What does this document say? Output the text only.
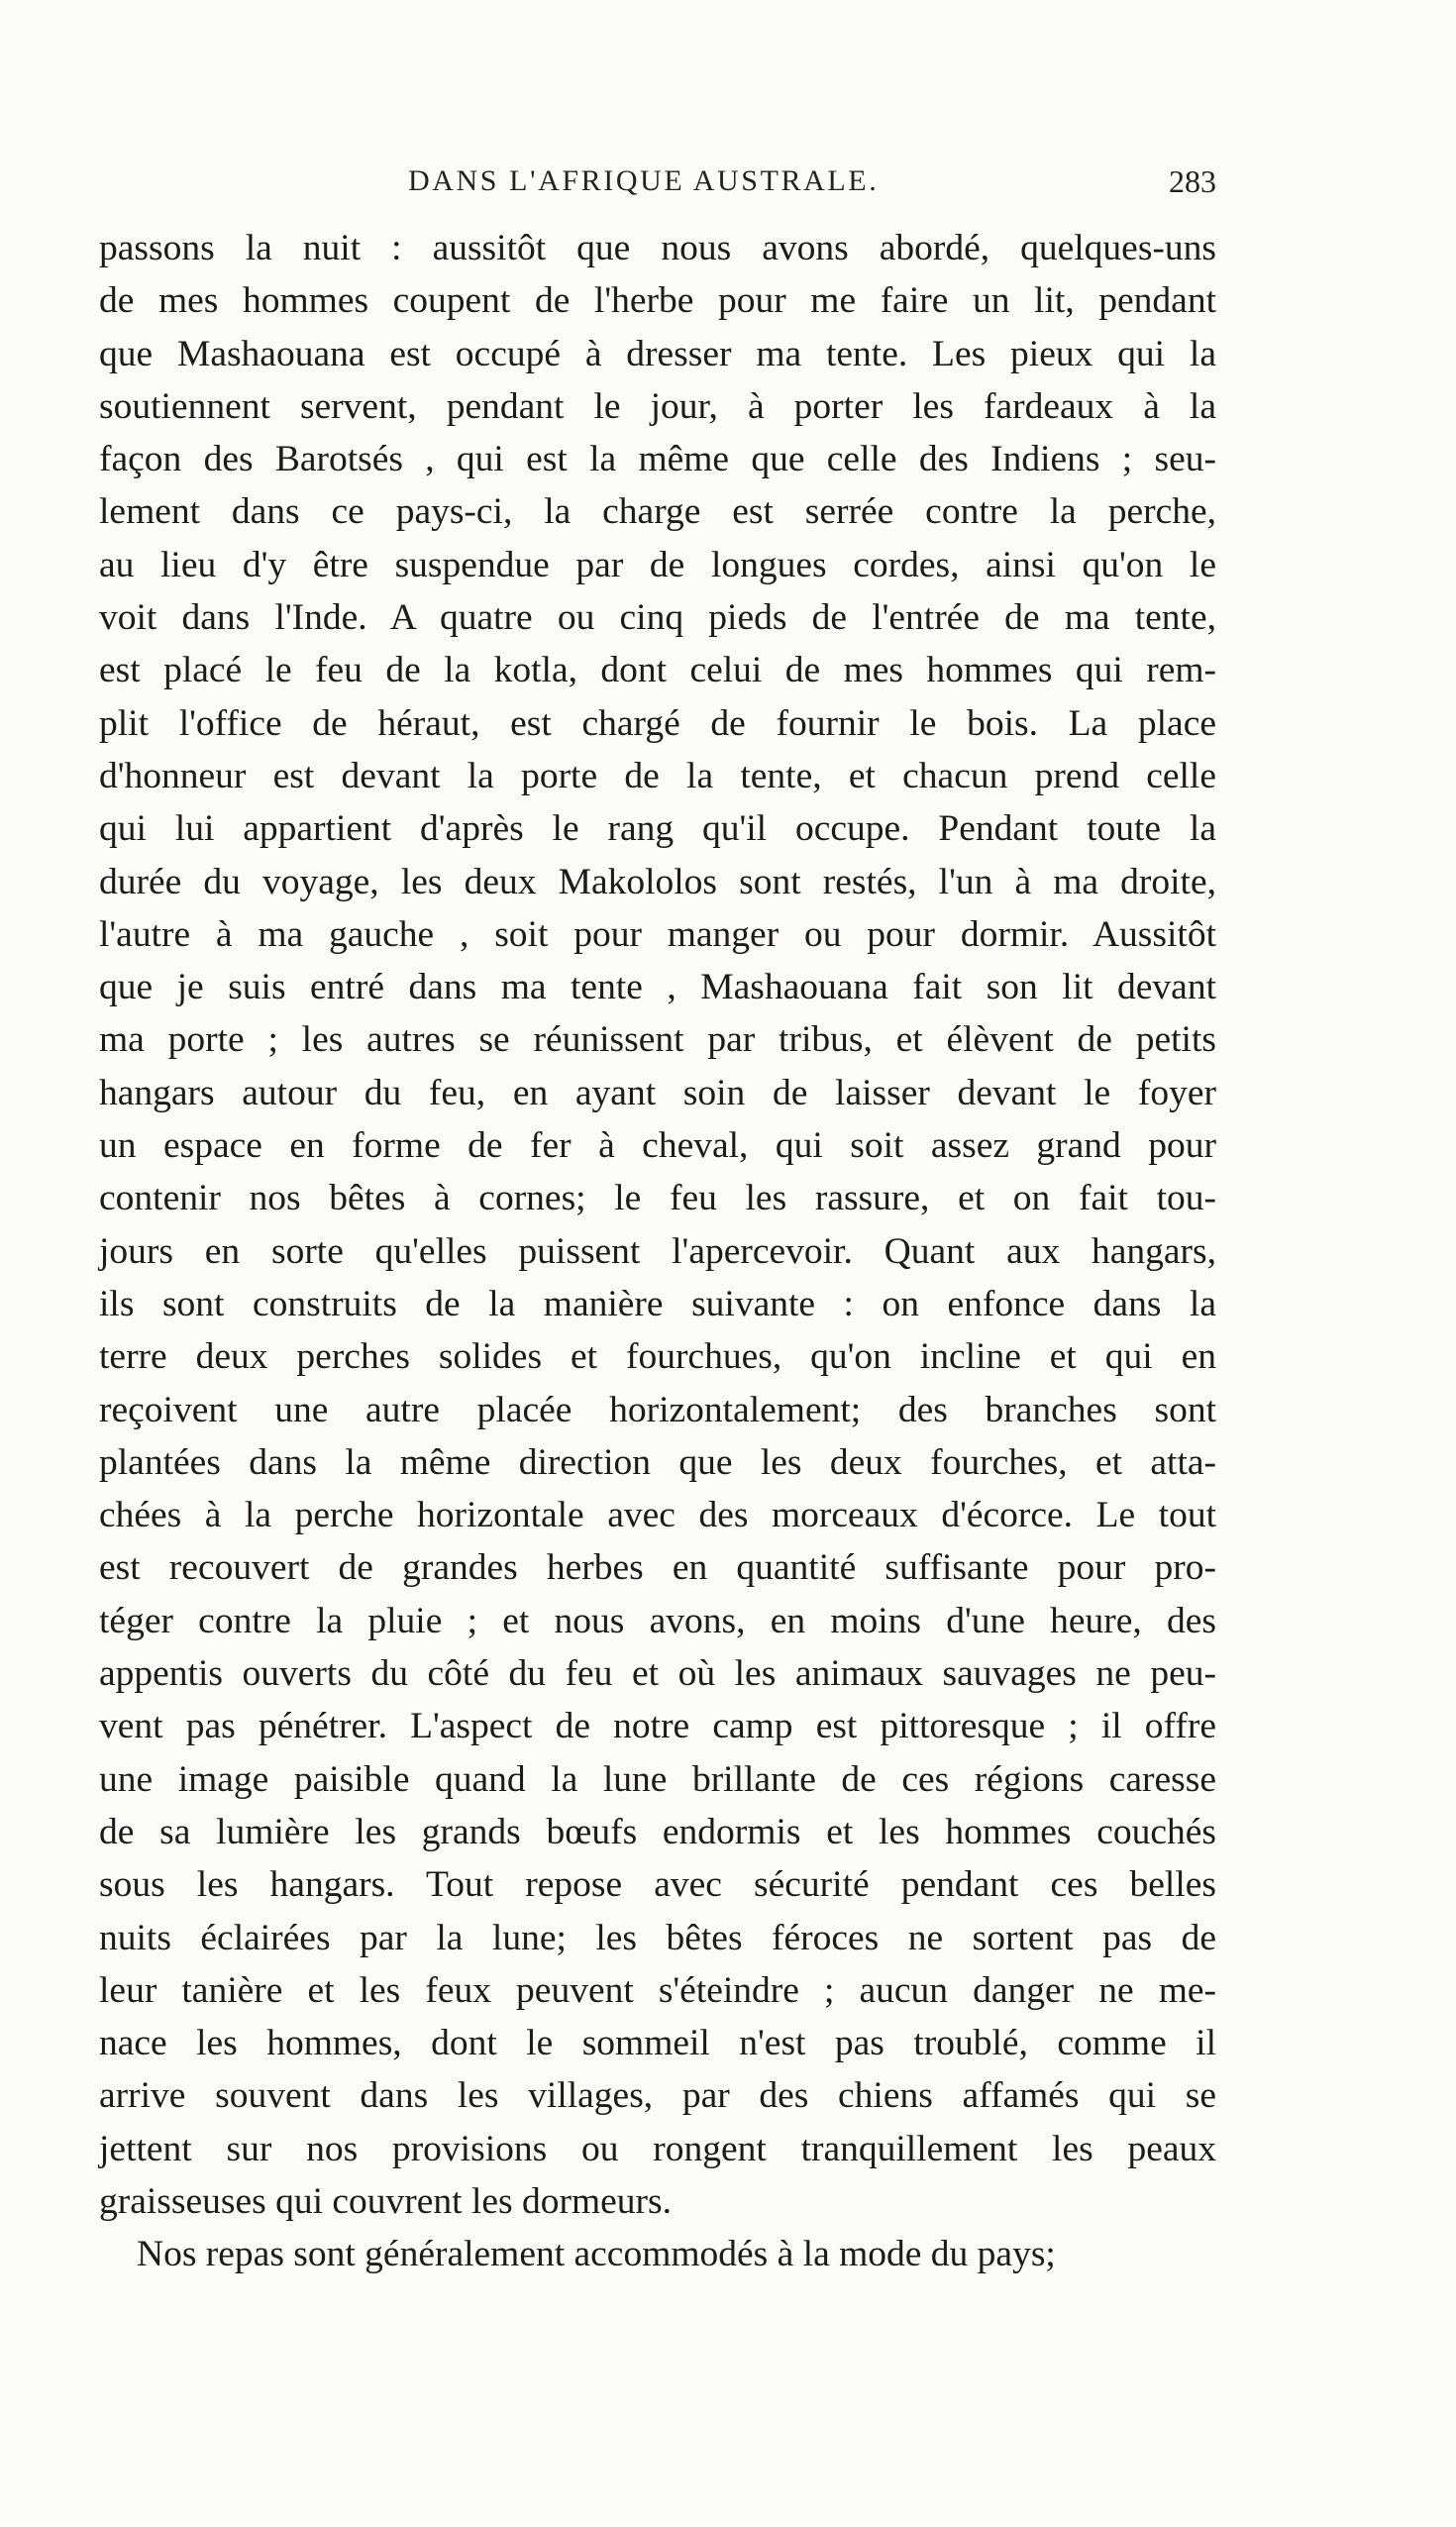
DANS L'AFRIQUE AUSTRALE.	283
passons la nuit : aussitôt que nous avons abordé, quelques-uns
de mes hommes coupent de l'herbe pour me faire un lit, pendant
que Mashaouana est occupé à dresser ma tente. Les pieux qui la
soutiennent servent, pendant le jour, à porter les fardeaux à la
façon des Barotsés , qui est la même que celle des Indiens ; seu-
lement dans ce pays-ci, la charge est serrée contre la perche,
au lieu d'y être suspendue par de longues cordes, ainsi qu'on le
voit dans l'Inde. A quatre ou cinq pieds de l'entrée de ma tente,
est placé le feu de la kotla, dont celui de mes hommes qui rem-
plit l'office de héraut, est chargé de fournir le bois. La place
d'honneur est devant la porte de la tente, et chacun prend celle
qui lui appartient d'après le rang qu'il occupe. Pendant toute la
durée du voyage, les deux Makololos sont restés, l'un à ma droite,
l'autre à ma gauche , soit pour manger ou pour dormir. Aussitôt
que je suis entré dans ma tente , Mashaouana fait son lit devant
ma porte ; les autres se réunissent par tribus, et élèvent de petits
hangars autour du feu, en ayant soin de laisser devant le foyer
un espace en forme de fer à cheval, qui soit assez grand pour
contenir nos bêtes à cornes; le feu les rassure, et on fait tou-
jours en sorte qu'elles puissent l'apercevoir. Quant aux hangars,
ils sont construits de la manière suivante : on enfonce dans la
terre deux perches solides et fourchues, qu'on incline et qui en
reçoivent une autre placée horizontalement; des branches sont
plantées dans la même direction que les deux fourches, et atta-
chées à la perche horizontale avec des morceaux d'écorce. Le tout
est recouvert de grandes herbes en quantité suffisante pour pro-
téger contre la pluie ; et nous avons, en moins d'une heure, des
appentis ouverts du côté du feu et où les animaux sauvages ne peu-
vent pas pénétrer. L'aspect de notre camp est pittoresque ; il offre
une image paisible quand la lune brillante de ces régions caresse
de sa lumière les grands bœufs endormis et les hommes couchés
sous les hangars. Tout repose avec sécurité pendant ces belles
nuits éclairées par la lune; les bêtes féroces ne sortent pas de
leur tanière et les feux peuvent s'éteindre ; aucun danger ne me-
nace les hommes, dont le sommeil n'est pas troublé, comme il
arrive souvent dans les villages, par des chiens affamés qui se
jettent sur nos provisions ou rongent tranquillement les peaux
graisseuses qui couvrent les dormeurs.
Nos repas sont généralement accommodés à la mode du pays;
